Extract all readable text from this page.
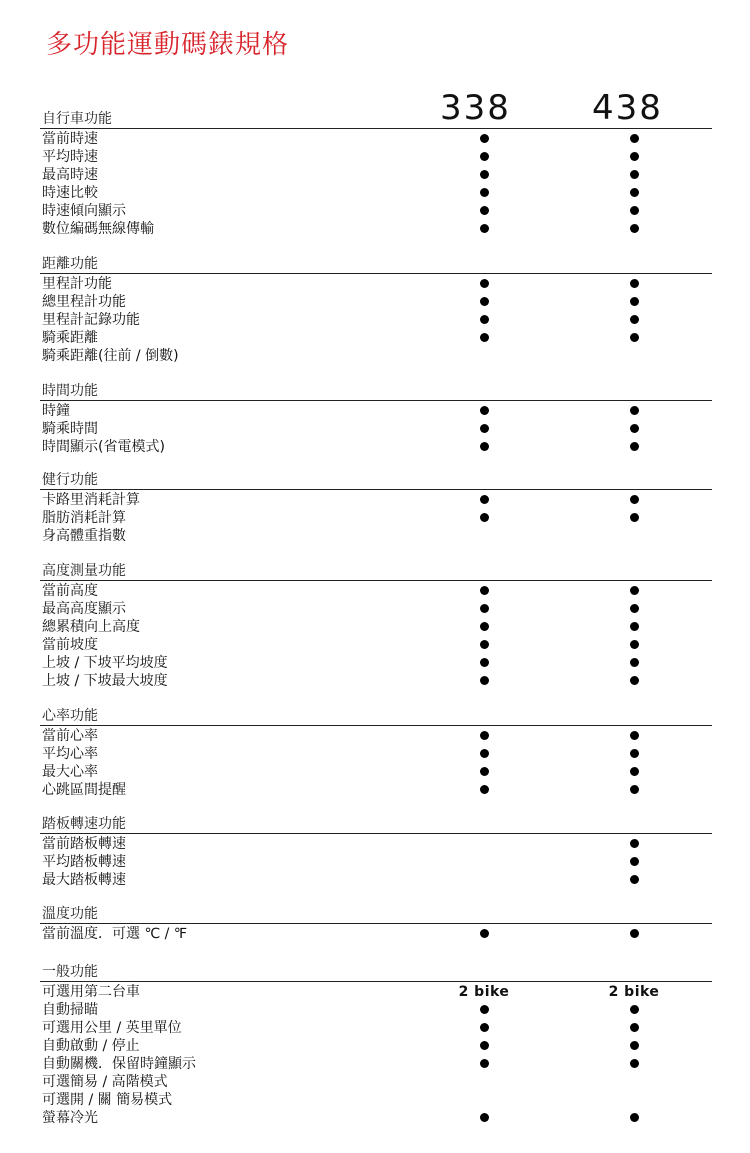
多功能運動碼錶規格
338 438
自行車功能
當前時速
平均時速
最高時速
時速比較
時速傾向顯示
數位編碼無線傳輸
距離功能
里程計功能
總里程計功能
里程計記錄功能
騎乘距離
騎乘距離(往前 / 倒數)
時間功能
時鐘
騎乘時間
時間顯示(省電模式)
健行功能
卡路里消耗計算
脂肪消耗計算
身高體重指數
高度測量功能
當前高度
最高高度顯示
總累積向上高度
當前坡度
上坡 / 下坡平均坡度
上坡 / 下坡最大坡度
心率功能
當前心率
平均心率
最大心率
心跳區間提醒
踏板轉速功能
當前踏板轉速
平均踏板轉速
最大踏板轉速
溫度功能
當前溫度．可選 ℃ / ℉
一般功能
可選用第二台車	2 bike	2 bike
自動掃瞄
可選用公里 / 英里單位
自動啟動 / 停止
自動關機．保留時鐘顯示
可選簡易 / 高階模式
可選開 / 關 簡易模式
螢幕冷光
